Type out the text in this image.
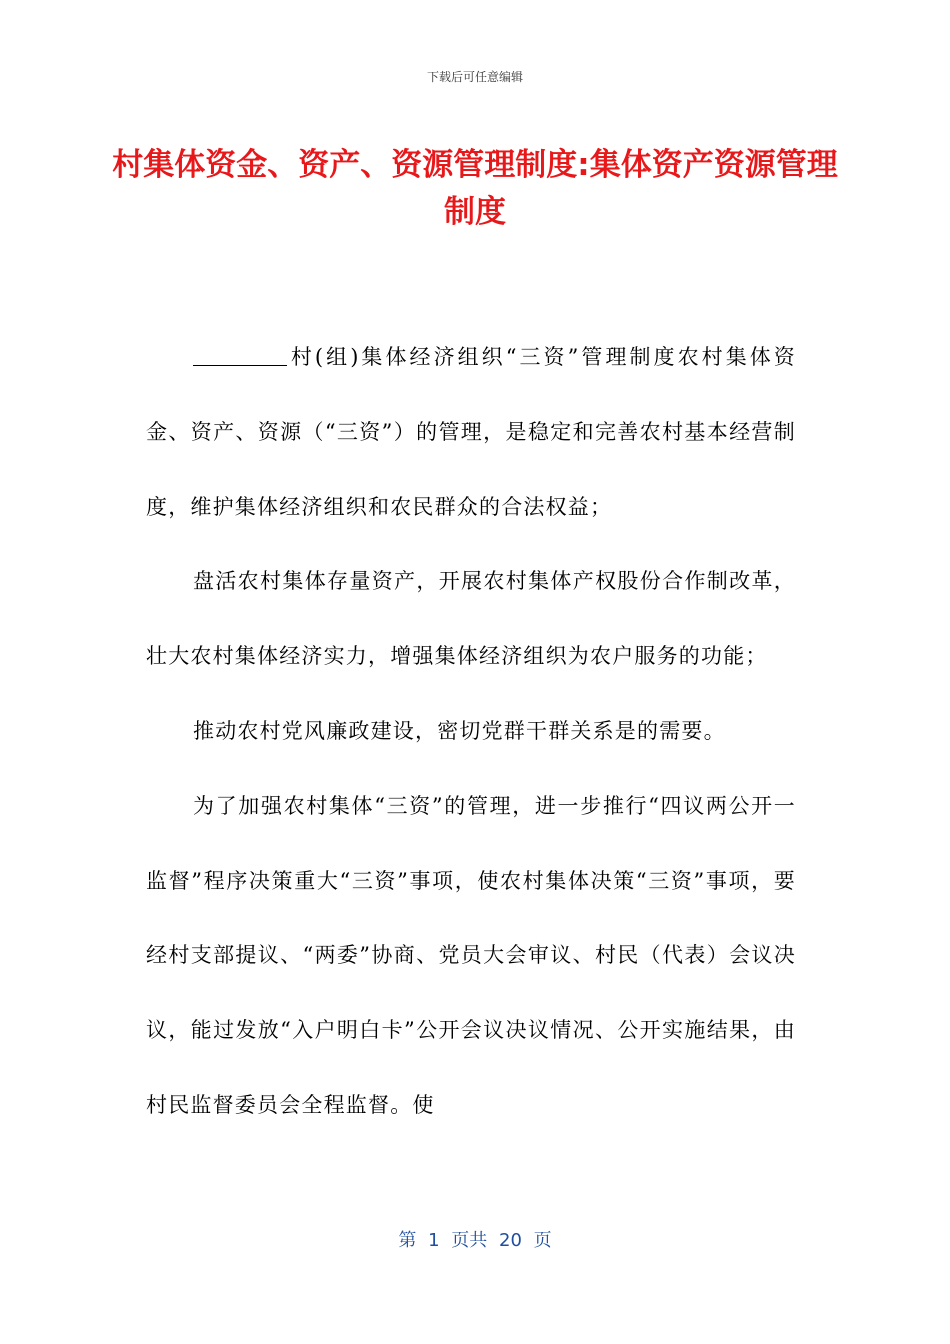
下载后可任意编辑
村集体资金、资产、资源管理制度:集体资产资源管理制度

村(组)集体经济组织“三资”管理制度农村集体资金、资产、资源（“三资”）的管理，是稳定和完善农村基本经营制度，维护集体经济组织和农民群众的合法权益；

盘活农村集体存量资产，开展农村集体产权股份合作制改革，壮大农村集体经济实力，增强集体经济组织为农户服务的功能；

推动农村党风廉政建设，密切党群干群关系是的需要。

为了加强农村集体“三资”的管理，进一步推行“四议两公开一监督”程序决策重大“三资”事项，使农村集体决策“三资”事项，要经村支部提议、“两委”协商、党员大会审议、村民（代表）会议决议，能过发放“入户明白卡”公开会议决议情况、公开实施结果，由村民监督委员会全程监督。使

第 1 页共 20 页
